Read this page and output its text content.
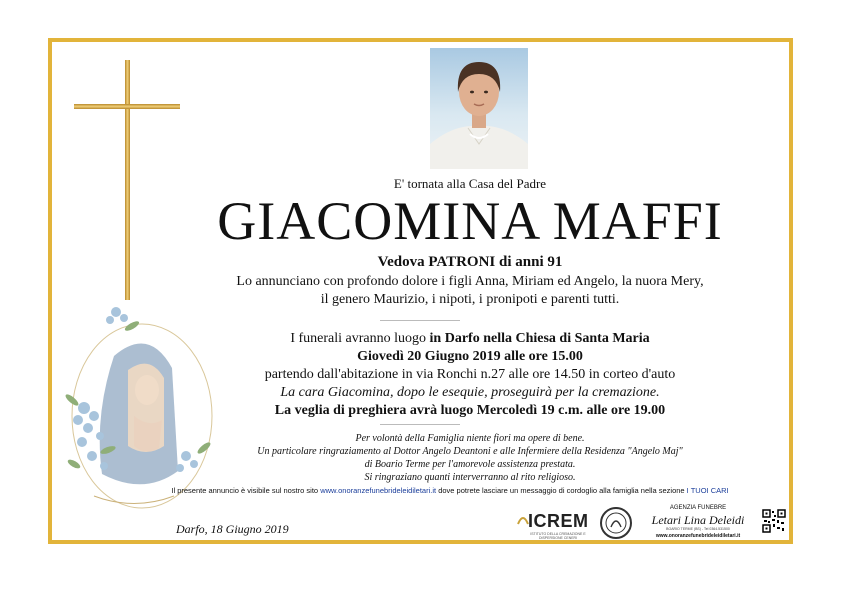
E' tornata alla Casa del Padre
GIACOMINA MAFFI
Vedova PATRONI di anni 91
Lo annunciano con profondo dolore i figli Anna, Miriam ed Angelo, la nuora Mery,
il genero Maurizio, i nipoti, i pronipoti e parenti tutti.
I funerali avranno luogo in Darfo nella Chiesa di Santa Maria
Giovedì 20 Giugno 2019 alle ore 15.00
partendo dall'abitazione in via Ronchi n.27 alle ore 14.50 in corteo d'auto
La cara Giacomina, dopo le esequie, proseguirà per la cremazione.
La veglia di preghiera avrà luogo Mercoledì 19 c.m. alle ore 19.00
Per volontà della Famiglia niente fiori ma opere di bene.
Un particolare ringraziamento al Dottor Angelo Deantoni e alle Infermiere della Residenza "Angelo Maj"
di Boario Terme per l'amorevole assistenza prestata.
Si ringraziano quanti interverranno al rito religioso.
Il presente annuncio è visibile sul nostro sito www.onoranzefunebrideleidiletari.it dove potrete lasciare un messaggio di cordoglio alla famiglia nella sezione I TUOI CARI
Darfo, 18 Giugno 2019	ICREM
ISTITUTO DELLA CREMAZIONE E DISPERSIONE CENERI
AGENZIA FUNEBRE
Letari Lina Deleidi
BOARIO TERME (BS) - Tel 0364.531500
www.onoranzefunebrideleidiletari.it
